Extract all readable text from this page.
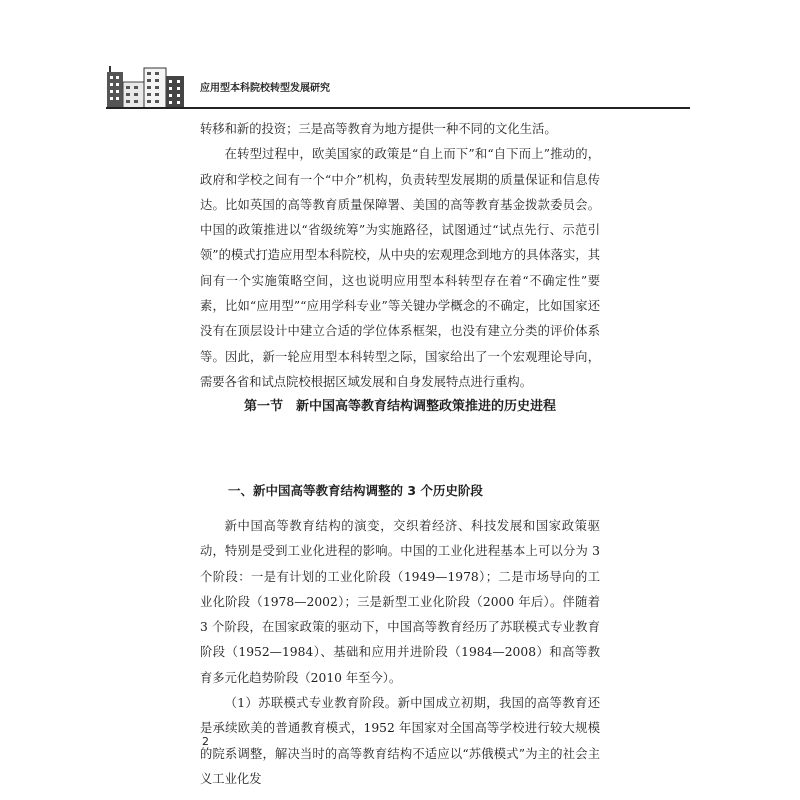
应用型本科院校转型发展研究

转移和新的投资；三是高等教育为地方提供一种不同的文化生活。

在转型过程中，欧美国家的政策是“自上而下”和“自下而上”推动的，政府和学校之间有一个“中介”机构，负责转型发展期的质量保证和信息传达。比如英国的高等教育质量保障署、美国的高等教育基金拨款委员会。中国的政策推进以“省级统筹”为实施路径，试图通过“试点先行、示范引领”的模式打造应用型本科院校，从中央的宏观理念到地方的具体落实，其间有一个实施策略空间，这也说明应用型本科转型存在着“不确定性”要素，比如“应用型”“应用学科专业”等关键办学概念的不确定，比如国家还没有在顶层设计中建立合适的学位体系框架，也没有建立分类的评价体系等。因此，新一轮应用型本科转型之际，国家给出了一个宏观理论导向，需要各省和试点院校根据区域发展和自身发展特点进行重构。

第一节　新中国高等教育结构调整政策推进的历史进程
一、新中国高等教育结构调整的 3 个历史阶段

新中国高等教育结构的演变，交织着经济、科技发展和国家政策驱动，特别是受到工业化进程的影响。中国的工业化进程基本上可以分为 3 个阶段：一是有计划的工业化阶段（1949—1978）；二是市场导向的工业化阶段（1978—2002）；三是新型工业化阶段（2000 年后）。伴随着 3 个阶段，在国家政策的驱动下，中国高等教育经历了苏联模式专业教育阶段（1952—1984）、基础和应用并进阶段（1984—2008）和高等教育多元化趋势阶段（2010 年至今）。

（1）苏联模式专业教育阶段。新中国成立初期，我国的高等教育还是承续欧美的普通教育模式，1952 年国家对全国高等学校进行较大规模的院系调整，解决当时的高等教育结构不适应以“苏俄模式”为主的社会主义工业化发

2
